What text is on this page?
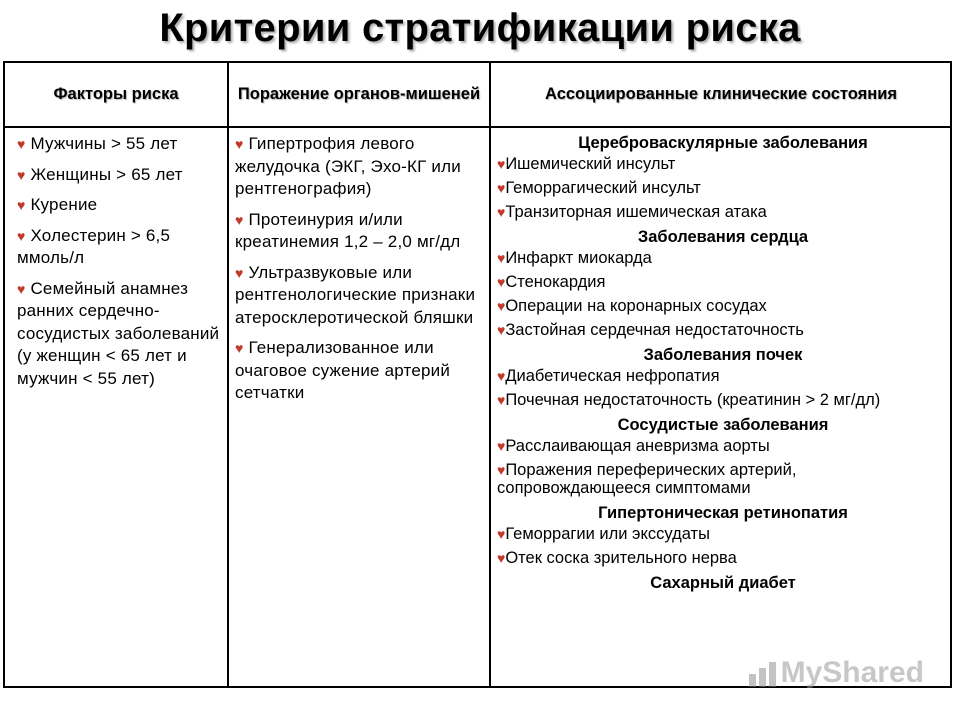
Критерии стратификации риска
Факторы риска	Поражение органов-мишеней	Ассоциированные клинические состояния
♥ Мужчины > 55 лет
♥ Женщины > 65 лет
♥ Курение
♥ Холестерин > 6,5 ммоль/л
♥ Семейный анамнез ранних сердечно-сосудистых заболеваний (у женщин < 65 лет и мужчин < 55 лет)
♥ Гипертрофия левого желудочка (ЭКГ, Эхо-КГ или рентгенография)
♥ Протеинурия и/или креатинемия 1,2 – 2,0 мг/дл
♥ Ультразвуковые или рентгенологические признаки атеросклеротической бляшки
♥ Генерализованное или очаговое сужение артерий сетчатки
Цереброваскулярные заболевания
♥Ишемический инсульт
♥Геморрагический инсульт
♥Транзиторная ишемическая атака
Заболевания сердца
♥Инфаркт миокарда
♥Стенокардия
♥Операции на коронарных сосудах
♥Застойная сердечная недостаточность
Заболевания почек
♥Диабетическая нефропатия
♥Почечная недостаточность (креатинин > 2 мг/дл)
Сосудистые заболевания
♥Расслаивающая аневризма аорты
♥Поражения переферических артерий, сопровождающееся симптомами
Гипертоническая ретинопатия
♥Геморрагии или экссудаты
♥Отек соска зрительного нерва
Сахарный диабет
MyShared
